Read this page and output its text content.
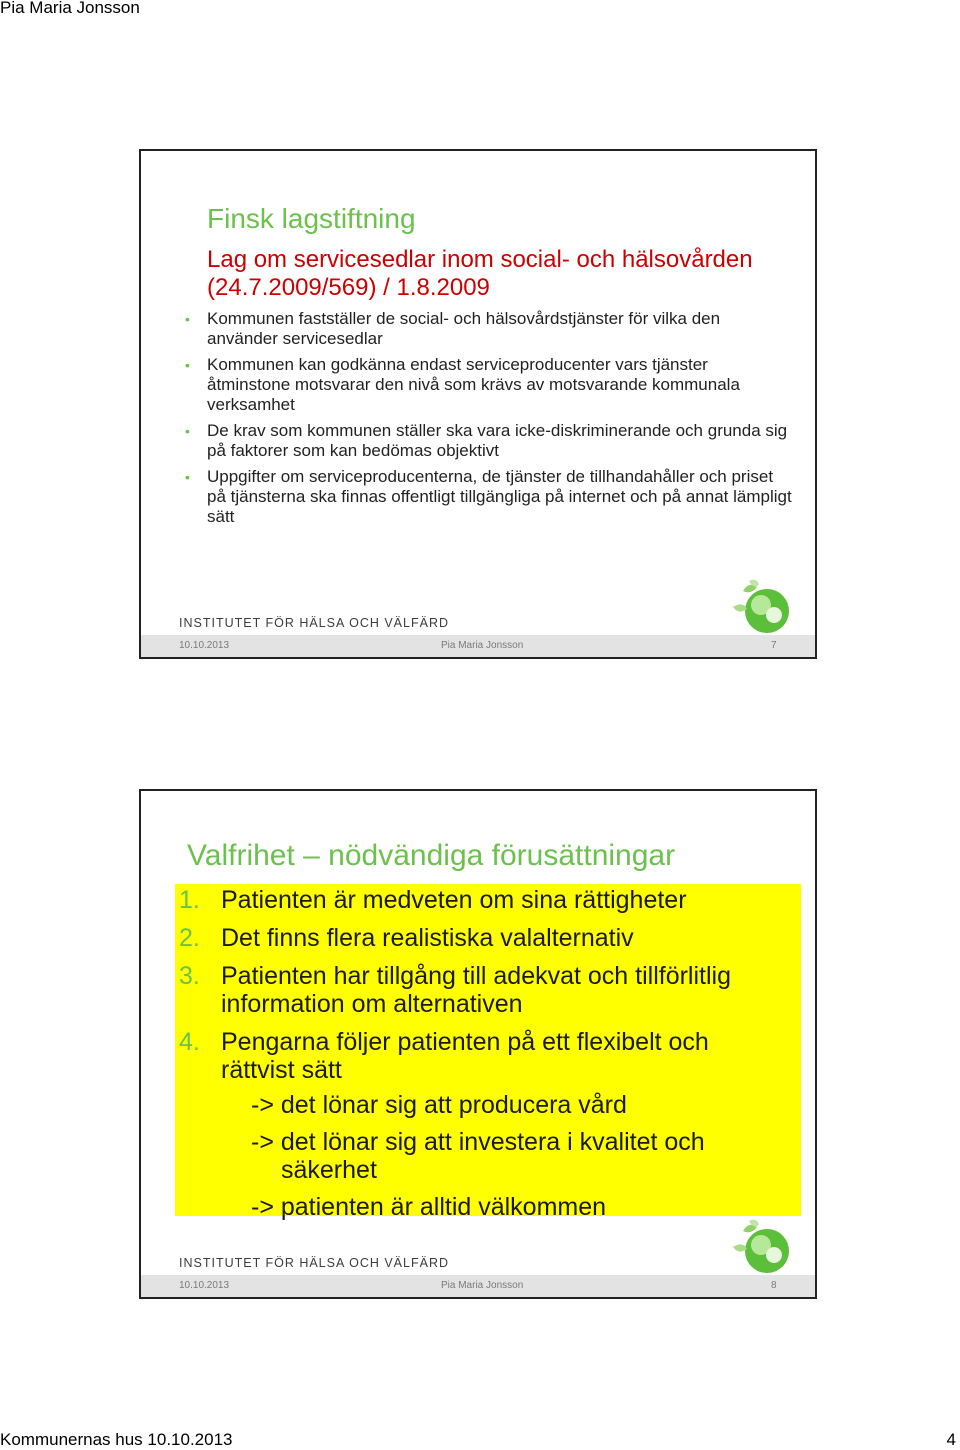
Pia Maria Jonsson
Finsk lagstiftning
Lag om servicesedlar inom social- och hälsovården (24.7.2009/569) / 1.8.2009
• Kommunen fastställer de social- och hälsovårdstjänster för vilka den använder servicesedlar
• Kommunen kan godkänna endast serviceproducenter vars tjänster åtminstone motsvarar den nivå som krävs av motsvarande kommunala verksamhet
• De krav som kommunen ställer ska vara icke-diskriminerande och grunda sig på faktorer som kan bedömas objektivt
• Uppgifter om serviceproducenterna, de tjänster de tillhandahåller och priset på tjänsterna ska finnas offentligt tillgängliga på internet och på annat lämpligt sätt
INSTITUTET FÖR HÄLSA OCH VÄLFÄRD
10.10.2013	Pia Maria Jonsson	7
Valfrihet – nödvändiga förusättningar
1. Patienten är medveten om sina rättigheter
2. Det finns flera realistiska valalternativ
3. Patienten har tillgång till adekvat och tillförlitlig information om alternativen
4. Pengarna följer patienten på ett flexibelt och rättvist sätt
-> det lönar sig att producera vård
-> det lönar sig att investera i kvalitet och säkerhet
-> patienten är alltid välkommen
INSTITUTET FÖR HÄLSA OCH VÄLFÄRD
10.10.2013	Pia Maria Jonsson	8
Kommunernas hus 10.10.2013	4
